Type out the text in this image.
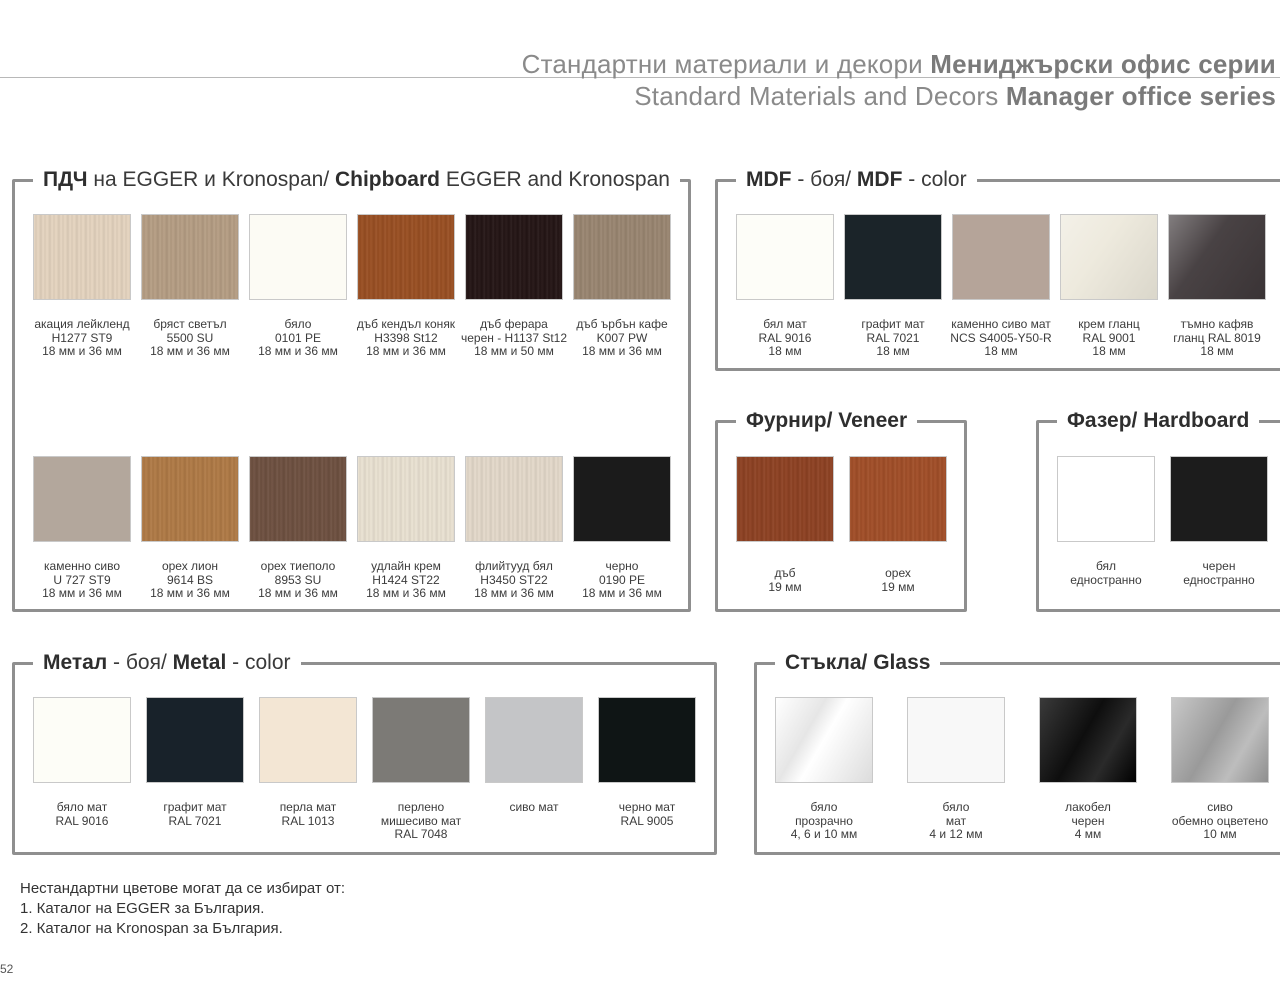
Стандартни материали и декори Мениджърски офис серии
Standard Materials and Decors Manager office series
ПДЧ на EGGER и Kronospan/ Chipboard EGGER and Kronospan
акация лейкленд
H1277 ST9
18 мм и 36 мм
бряст светъл
5500 SU
18 мм и 36 мм
бяло
0101 PE
18 мм и 36 мм
дъб кендъл коняк
H3398 St12
18 мм и 36 мм
дъб ферара
черен - H1137 St12
18 мм и 50 мм
дъб ърбън кафе
K007 PW
18 мм и 36 мм
каменно сиво
U 727 ST9
18 мм и 36 мм
орех лион
9614 BS
18 мм и 36 мм
орех тиеполо
8953 SU
18 мм и 36 мм
удлайн крем
H1424 ST22
18 мм и 36 мм
флийтууд бял
H3450 ST22
18 мм и 36 мм
черно
0190 PE
18 мм и 36 мм
MDF - боя/ MDF - color
бял мат
RAL 9016
18 мм
графит мат
RAL 7021
18 мм
каменно сиво мат
NCS S4005-Y50-R
18 мм
крем гланц
RAL 9001
18 мм
тъмно кафяв
гланц RAL 8019
18 мм
Фурнир/ Veneer
дъб
19 мм
орех
19 мм
Фазер/ Hardboard
бял
едностранно
черен
едностранно
Метал - боя/ Metal - color
бяло мат
RAL 9016
графит мат
RAL 7021
перла мат
RAL 1013
перлено
мишесиво мат
RAL 7048
сиво мат	черно мат
RAL 9005
Стъкла/ Glass
бяло
прозрачно
4, 6 и 10 мм
бяло
мат
4 и 12 мм
лакобел
черен
4 мм
сиво
обемно оцветено
10 мм
Нестандартни цветове могат да се избират от:
1. Каталог на EGGER за България.
2. Каталог на Kronospan за България.
52
